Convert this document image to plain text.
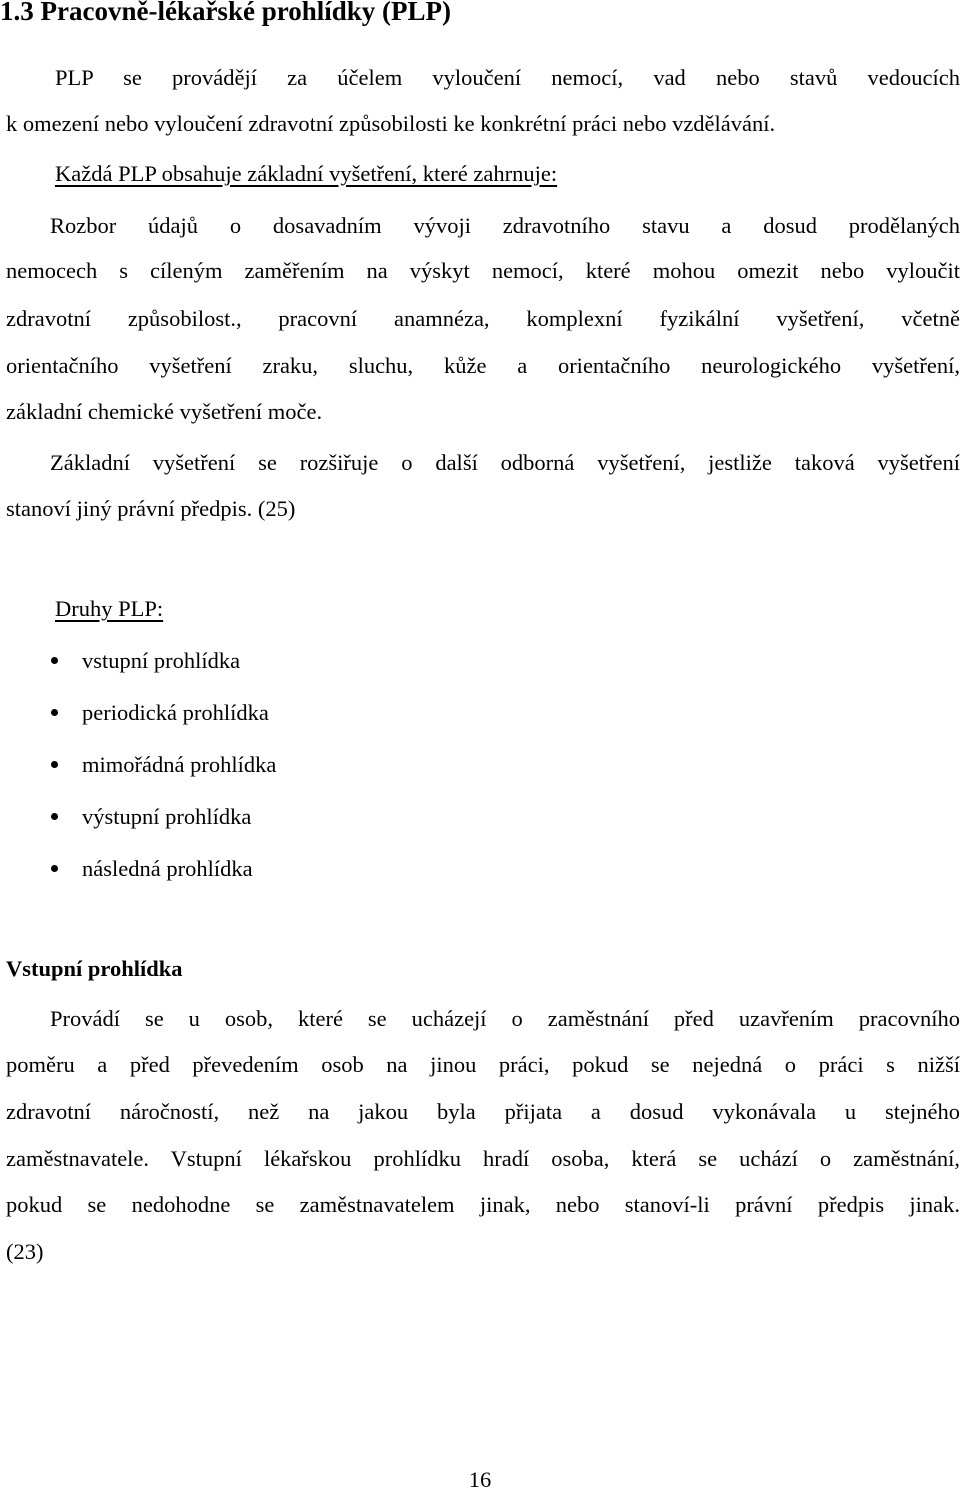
1.3 Pracovně-lékařské prohlídky (PLP)
PLP se provádějí za účelem vyloučení nemocí, vad nebo stavů vedoucích
k omezení nebo vyloučení zdravotní způsobilosti ke konkrétní práci nebo vzdělávání.
Každá PLP obsahuje základní vyšetření, které zahrnuje:
Rozbor údajů o dosavadním vývoji zdravotního stavu a dosud prodělaných
nemocech s cíleným zaměřením na výskyt nemocí, které mohou omezit nebo vyloučit
zdravotní způsobilost., pracovní anamnéza, komplexní fyzikální vyšetření, včetně
orientačního vyšetření zraku, sluchu, kůže a orientačního neurologického vyšetření,
základní chemické vyšetření moče.
Základní vyšetření se rozšiřuje o další odborná vyšetření, jestliže taková vyšetření
stanoví jiný právní předpis. (25)
Druhy PLP:
vstupní prohlídka
periodická prohlídka
mimořádná prohlídka
výstupní prohlídka
následná prohlídka
Vstupní prohlídka
Provádí se u osob, které se ucházejí o zaměstnání před uzavřením pracovního
poměru a před převedením osob na jinou práci, pokud se nejedná o práci s nižší
zdravotní náročností, než na jakou byla přijata a dosud vykonávala u stejného
zaměstnavatele. Vstupní lékařskou prohlídku hradí osoba, která se uchází o zaměstnání,
pokud se nedohodne se zaměstnavatelem jinak, nebo stanoví-li právní předpis jinak.
(23)
16
